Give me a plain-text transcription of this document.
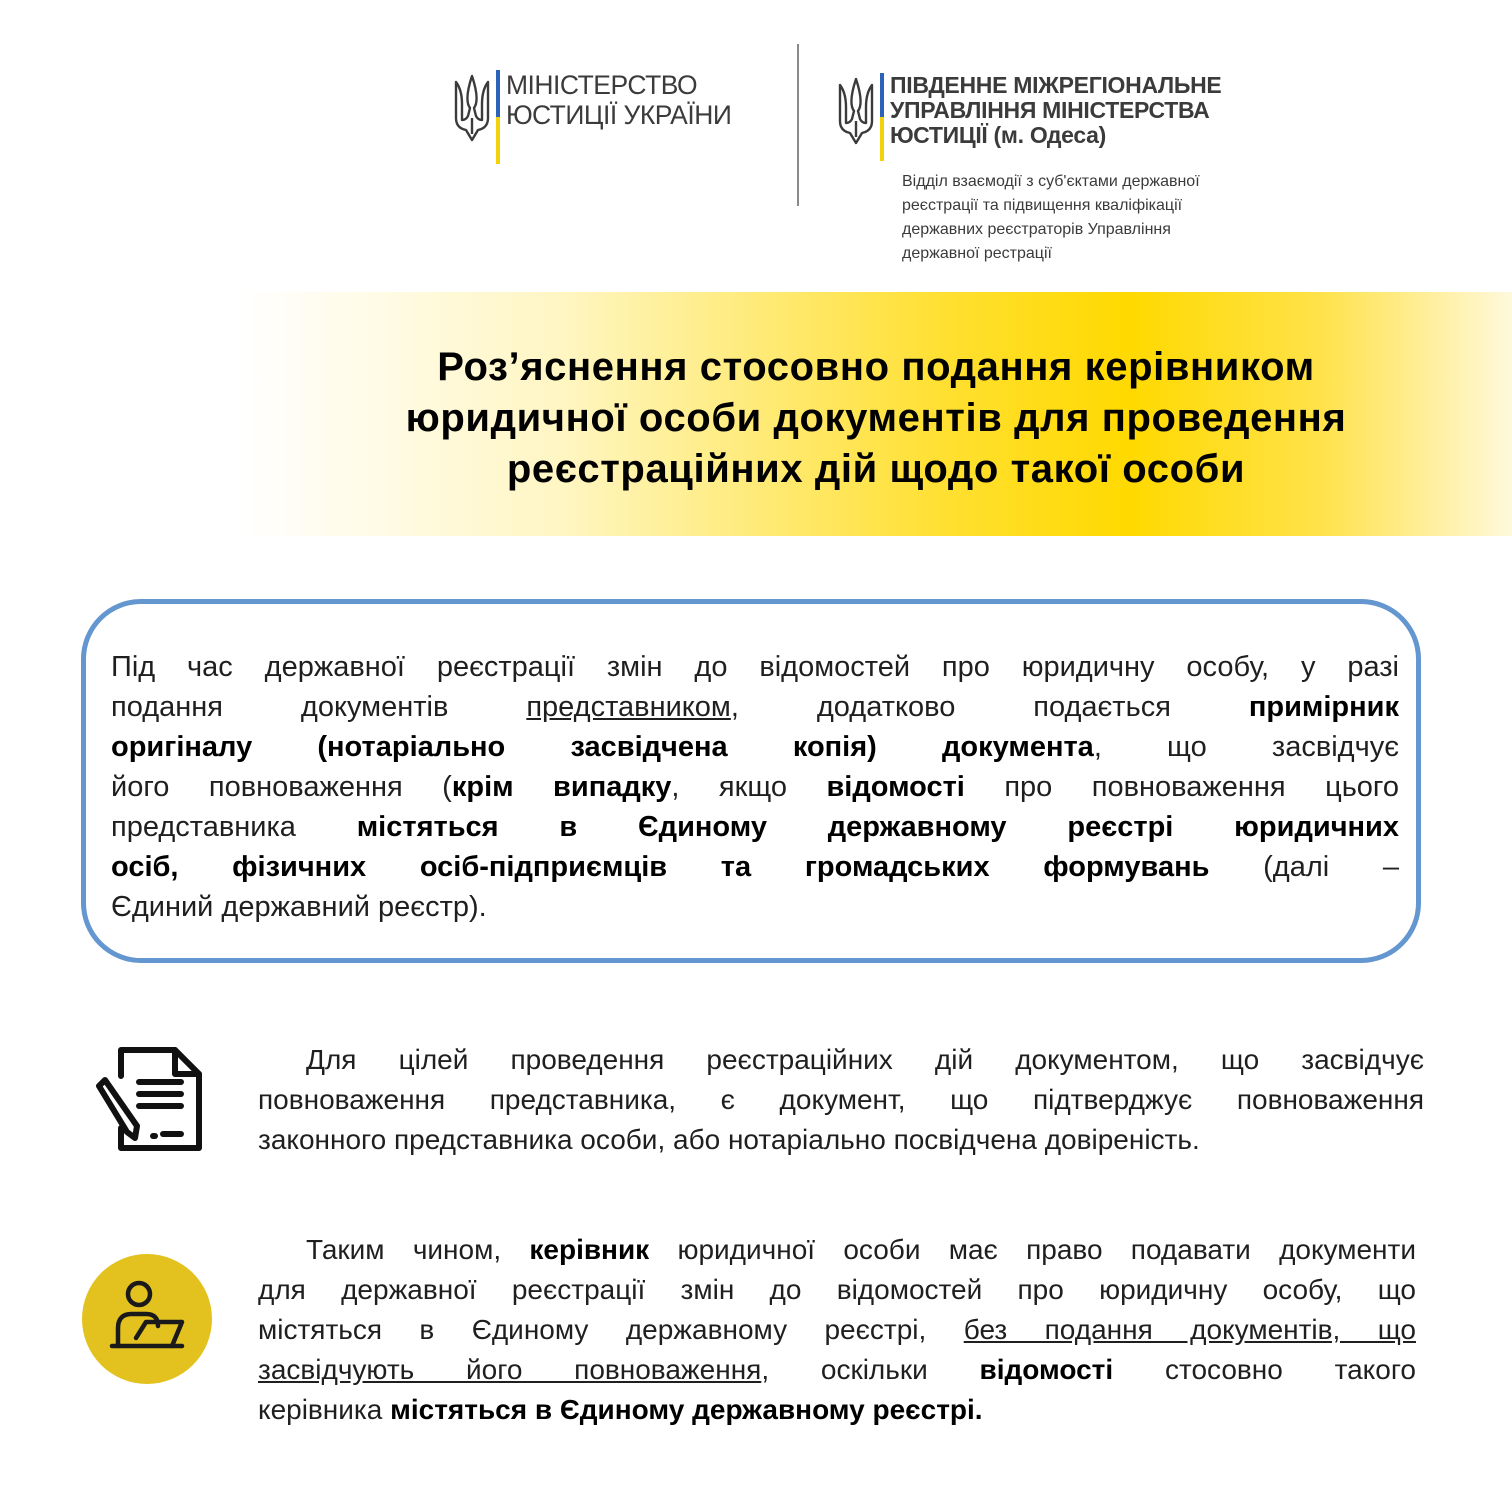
МІНІСТЕРСТВО
ЮСТИЦІЇ УКРАЇНИ
ПІВДЕННЕ МІЖРЕГІОНАЛЬНЕ
УПРАВЛІННЯ МІНІСТЕРСТВА
ЮСТИЦІЇ (м. Одеса)
Відділ взаємодії з суб'єктами державної
реєстрації та підвищення кваліфікації
державних реєстраторів Управління
державної рестрації
Роз’яснення стосовно подання керівником
юридичної особи документів для проведення
реєстраційних дій щодо такої особи
Під час державної реєстрації змін до відомостей про юридичну особу, у разі
подання документів представником, додатково подається примірник
оригіналу (нотаріально засвідчена копія) документа, що засвідчує
його повноваження (крім випадку, якщо відомості про повноваження цього
представника містяться в Єдиному державному реєстрі юридичних
осіб, фізичних осіб-підприємців та громадських формувань (далі –
Єдиний державний реєстр).
Для цілей проведення реєстраційних дій документом, що засвідчує
повноваження представника, є документ, що підтверджує повноваження
законного представника особи, або нотаріально посвідчена довіреність.
Таким чином, керівник юридичної особи має право подавати документи
для державної реєстрації змін до відомостей про юридичну особу, що
містяться в Єдиному державному реєстрі, без подання документів, що
засвідчують його повноваження, оскільки відомості стосовно такого
керівника містяться в Єдиному державному реєстрі.
